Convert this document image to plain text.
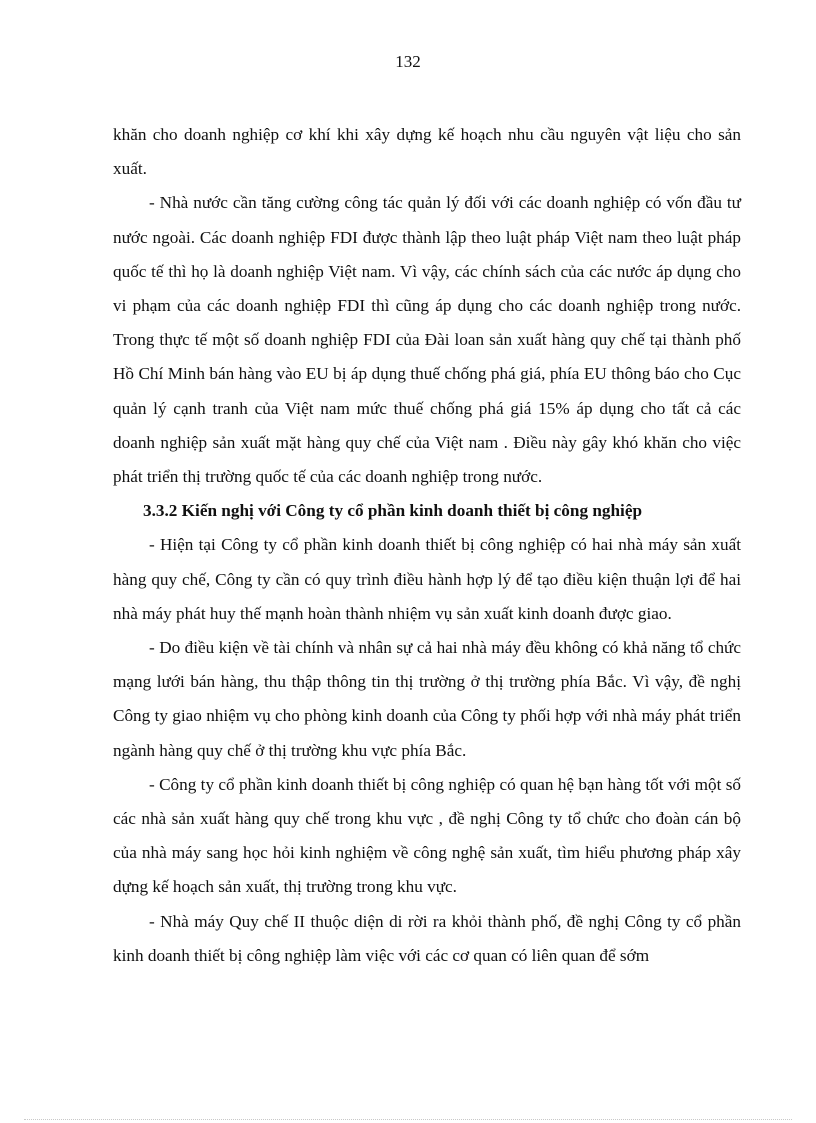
132

khăn cho doanh nghiệp cơ khí khi xây dựng kế hoạch nhu cầu nguyên vật liệu cho sản xuất.

- Nhà nước cần tăng cường công tác quản lý đối với các doanh nghiệp có vốn đầu tư nước ngoài. Các doanh nghiệp FDI được thành lập theo luật pháp Việt nam theo luật pháp quốc tế thì họ là doanh nghiệp Việt nam. Vì vậy, các chính sách của các nước áp dụng cho vi phạm của các doanh nghiệp FDI thì cũng áp dụng cho các doanh nghiệp trong nước. Trong thực tế một số doanh nghiệp FDI của Đài loan sản xuất hàng quy chế tại thành phố Hồ Chí Minh bán hàng vào EU bị áp dụng thuế chống phá giá, phía EU thông báo cho Cục quản lý cạnh tranh của Việt nam mức thuế chống phá giá 15% áp dụng cho tất cả các doanh nghiệp sản xuất mặt hàng quy chế của Việt nam . Điều này gây khó khăn cho việc phát triển thị trường quốc tế của các doanh nghiệp trong nước.

3.3.2 Kiến nghị với Công ty cổ phần kinh doanh thiết bị công nghiệp

- Hiện tại Công ty cổ phần kinh doanh thiết bị công nghiệp có hai nhà máy sản xuất hàng quy chế, Công ty cần có quy trình điều hành hợp lý để tạo điều kiện thuận lợi để hai nhà máy phát huy thế mạnh hoàn thành nhiệm vụ sản xuất kinh doanh được giao.

- Do điều kiện về tài chính và nhân sự cả hai nhà máy đều không có khả năng tổ chức mạng lưới bán hàng, thu thập thông tin thị trường ở thị trường phía Bắc. Vì vậy, đề nghị Công ty giao nhiệm vụ cho phòng kinh doanh của Công ty phối hợp với nhà máy phát triển ngành hàng quy chế ở thị trường khu vực phía Bắc.

- Công ty cổ phần kinh doanh thiết bị công nghiệp có quan hệ bạn hàng tốt với một số các nhà sản xuất hàng quy chế trong khu vực , đề nghị Công ty tổ chức cho đoàn cán bộ của nhà máy sang học hỏi kinh nghiệm về công nghệ sản xuất, tìm hiểu phương pháp xây dựng kế hoạch sản xuất, thị trường trong khu vực.

- Nhà máy Quy chế II thuộc diện di rời ra khỏi thành phố, đề nghị Công ty cổ phần kinh doanh thiết bị công nghiệp làm việc với các cơ quan có liên quan để sớm
